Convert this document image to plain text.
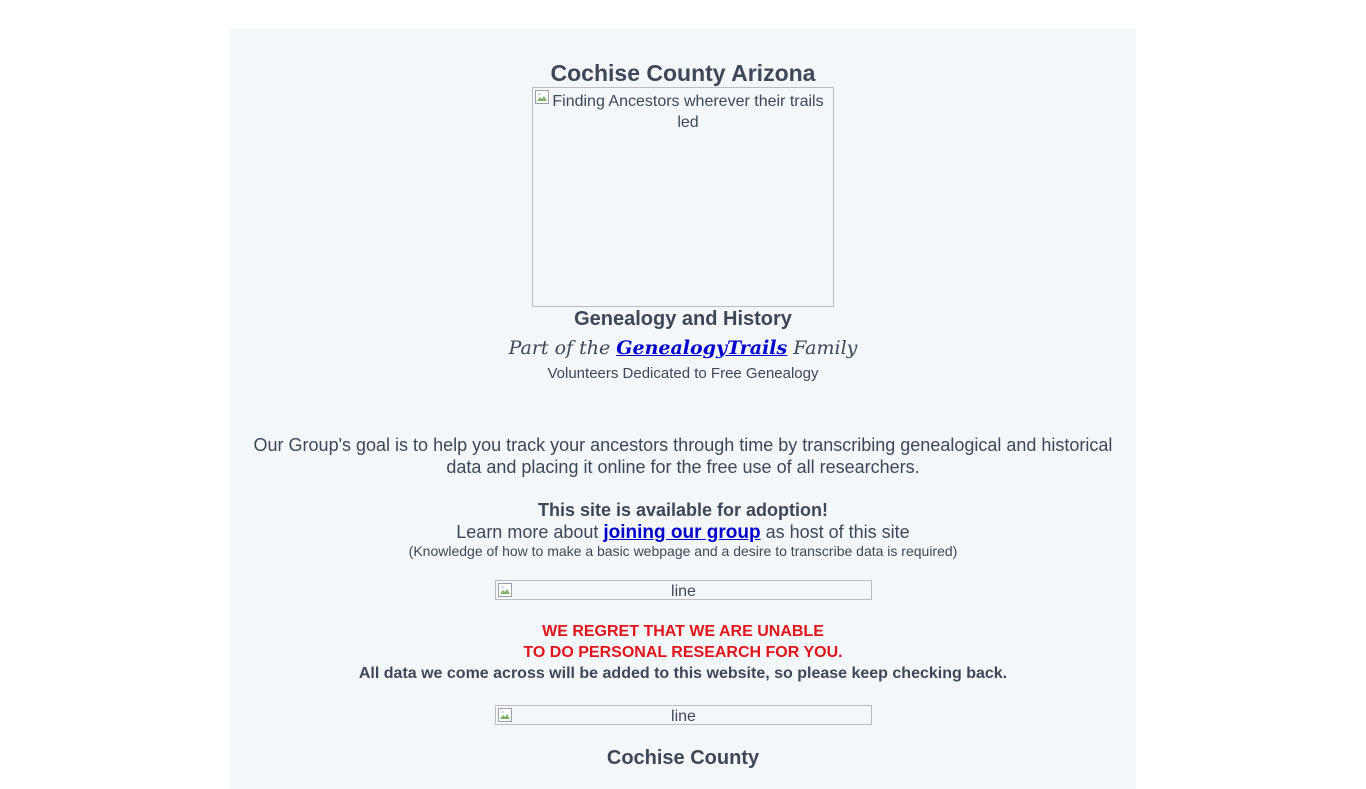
Cochise County Arizona
Finding Ancestors wherever their trails led
Genealogy and History
Part of the GenealogyTrails Family
Volunteers Dedicated to Free Genealogy
Our Group's goal is to help you track your ancestors through time by transcribing genealogical and historical data and placing it online for the free use of all researchers.
This site is available for adoption!
Learn more about joining our group as host of this site
(Knowledge of how to make a basic webpage and a desire to transcribe data is required)
line
WE REGRET THAT WE ARE UNABLE
TO DO PERSONAL RESEARCH FOR YOU.
All data we come across will be added to this website, so please keep checking back.
line
Cochise County
